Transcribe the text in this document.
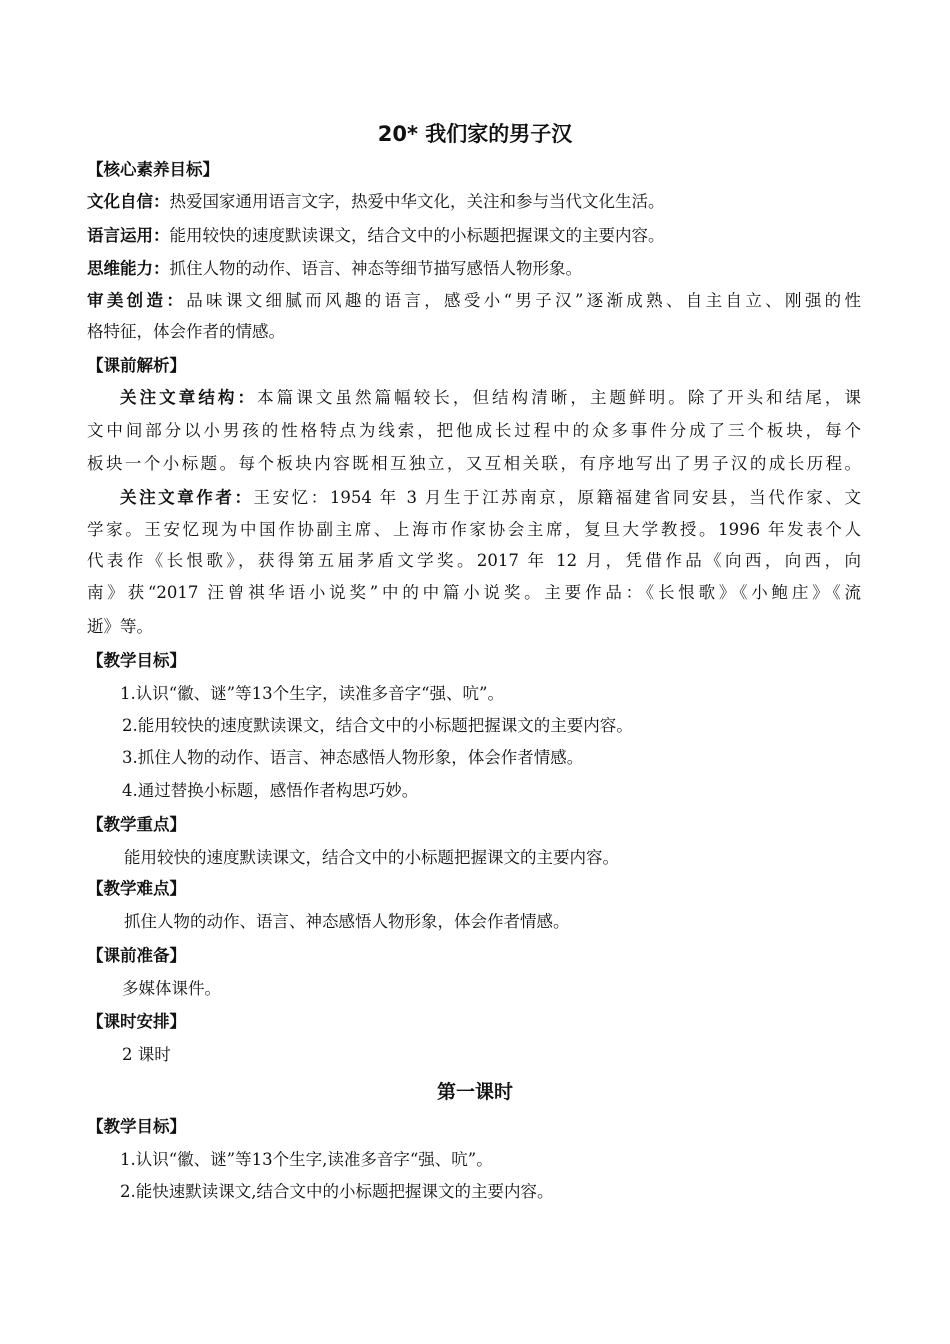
20* 我们家的男子汉
【核心素养目标】
文化自信：热爱国家通用语言文字，热爱中华文化，关注和参与当代文化生活。
语言运用：能用较快的速度默读课文，结合文中的小标题把握课文的主要内容。
思维能力：抓住人物的动作、语言、神态等细节描写感悟人物形象。
审美创造：品味课文细腻而风趣的语言，感受小“男子汉”逐渐成熟、自主自立、刚强的性
格特征，体会作者的情感。
【课前解析】
关注文章结构：本篇课文虽然篇幅较长，但结构清晰，主题鲜明。除了开头和结尾，课
文中间部分以小男孩的性格特点为线索，把他成长过程中的众多事件分成了三个板块，每个
板块一个小标题。每个板块内容既相互独立，又互相关联，有序地写出了男子汉的成长历程。
关注文章作者：王安忆：1954 年 3 月生于江苏南京，原籍福建省同安县，当代作家、文
学家。王安忆现为中国作协副主席、上海市作家协会主席，复旦大学教授。1996 年发表个人
代表作《长恨歌》，获得第五届茅盾文学奖。2017 年 12 月，凭借作品《向西，向西，向
南》获“2017 汪曾祺华语小说奖”中的中篇小说奖。主要作品：《长恨歌》《小鲍庄》《流
逝》等。
【教学目标】
1.认识“徽、谜”等13个生字，读准多音字“强、吭”。
2.能用较快的速度默读课文，结合文中的小标题把握课文的主要内容。
3.抓住人物的动作、语言、神态感悟人物形象，体会作者情感。
4.通过替换小标题，感悟作者构思巧妙。
【教学重点】
能用较快的速度默读课文，结合文中的小标题把握课文的主要内容。
【教学难点】
抓住人物的动作、语言、神态感悟人物形象，体会作者情感。
【课前准备】
多媒体课件。
【课时安排】
2 课时
第一课时
【教学目标】
1.认识“徽、谜”等13个生字,读准多音字“强、吭”。
2.能快速默读课文,结合文中的小标题把握课文的主要内容。
